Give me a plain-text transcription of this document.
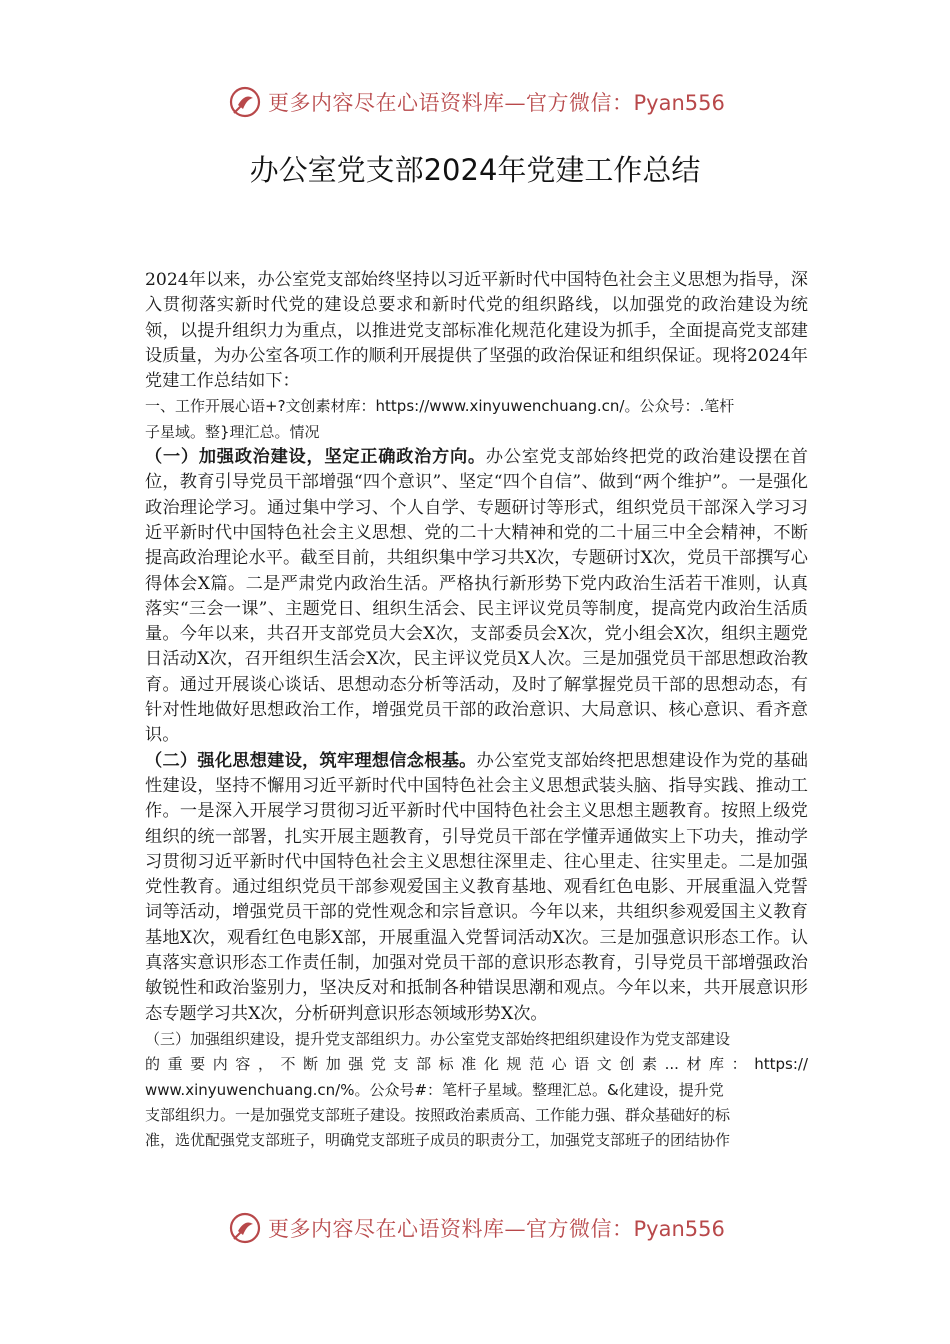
更多内容尽在心语资料库—官方微信：Pyan556
办公室党支部2024年党建工作总结

2024年以来，办公室党支部始终坚持以习近平新时代中国特色社会主义思想为指导，深入贯彻落实新时代党的建设总要求和新时代党的组织路线，以加强党的政治建设为统领，以提升组织力为重点，以推进党支部标准化规范化建设为抓手，全面提高党支部建设质量，为办公室各项工作的顺利开展提供了坚强的政治保证和组织保证。现将2024年党建工作总结如下：

一、工作开展心语+?文创素材库：https://www.xinyuwenchuang.cn/。公众号：.笔杆
子星域。整}理汇总。情况

（一）加强政治建设，坚定正确政治方向。办公室党支部始终把党的政治建设摆在首位，教育引导党员干部增强“四个意识”、坚定“四个自信”、做到“两个维护”。一是强化政治理论学习。通过集中学习、个人自学、专题研讨等形式，组织党员干部深入学习习近平新时代中国特色社会主义思想、党的二十大精神和党的二十届三中全会精神，不断提高政治理论水平。截至目前，共组织集中学习共X次，专题研讨X次，党员干部撰写心得体会X篇。二是严肃党内政治生活。严格执行新形势下党内政治生活若干准则，认真落实“三会一课”、主题党日、组织生活会、民主评议党员等制度，提高党内政治生活质量。今年以来，共召开支部党员大会X次，支部委员会X次，党小组会X次，组织主题党日活动X次，召开组织生活会X次，民主评议党员X人次。三是加强党员干部思想政治教育。通过开展谈心谈话、思想动态分析等活动，及时了解掌握党员干部的思想动态，有针对性地做好思想政治工作，增强党员干部的政治意识、大局意识、核心意识、看齐意识。

（二）强化思想建设，筑牢理想信念根基。办公室党支部始终把思想建设作为党的基础性建设，坚持不懈用习近平新时代中国特色社会主义思想武装头脑、指导实践、推动工作。一是深入开展学习贯彻习近平新时代中国特色社会主义思想主题教育。按照上级党组织的统一部署，扎实开展主题教育，引导党员干部在学懂弄通做实上下功夫，推动学习贯彻习近平新时代中国特色社会主义思想往深里走、往心里走、往实里走。二是加强党性教育。通过组织党员干部参观爱国主义教育基地、观看红色电影、开展重温入党誓词等活动，增强党员干部的党性观念和宗旨意识。今年以来，共组织参观爱国主义教育基地X次，观看红色电影X部，开展重温入党誓词活动X次。三是加强意识形态工作。认真落实意识形态工作责任制，加强对党员干部的意识形态教育，引导党员干部增强政治敏锐性和政治鉴别力，坚决反对和抵制各种错误思潮和观点。今年以来，共开展意识形态专题学习共X次，分析研判意识形态领域形势X次。

（三）加强组织建设，提升党支部组织力。办公室党支部始终把组织建设作为党支部建设
的重要内容，不断加强党支部标准化规范心语文创素...材库：https://
www.xinyuwenchuang.cn/%。公众号#：笔杆子星域。整理汇总。&化建设，提升党
支部组织力。一是加强党支部班子建设。按照政治素质高、工作能力强、群众基础好的标
准，选优配强党支部班子，明确党支部班子成员的职责分工，加强党支部班子的团结协作
更多内容尽在心语资料库—官方微信：Pyan556
